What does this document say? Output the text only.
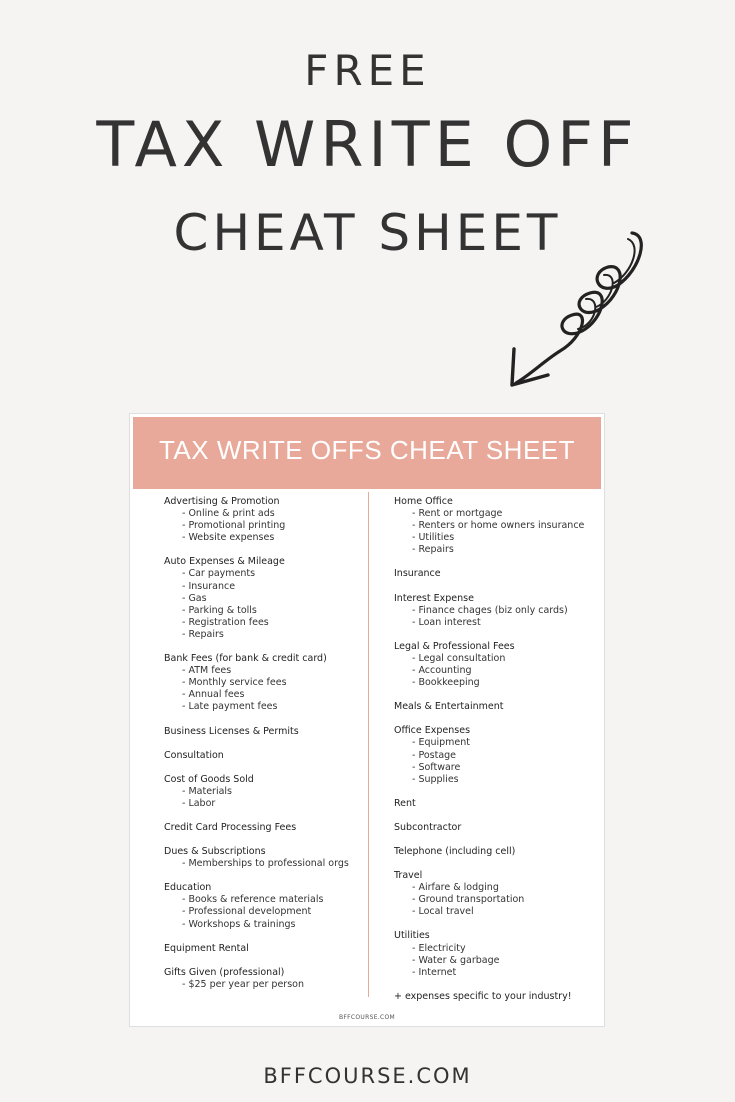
FREE
TAX WRITE OFF
CHEAT SHEET
TAX WRITE OFFS CHEAT SHEET
Advertising & Promotion
- Online & print ads
- Promotional printing
- Website expenses
Auto Expenses & Mileage
- Car payments
- Insurance
- Gas
- Parking & tolls
- Registration fees
- Repairs
Bank Fees (for bank & credit card)
- ATM fees
- Monthly service fees
- Annual fees
- Late payment fees
Business Licenses & Permits
Consultation
Cost of Goods Sold
- Materials
- Labor
Credit Card Processing Fees
Dues & Subscriptions
- Memberships to professional orgs
Education
- Books & reference materials
- Professional development
- Workshops & trainings
Equipment Rental
Gifts Given (professional)
- $25 per year per person
Home Office
- Rent or mortgage
- Renters or home owners insurance
- Utilities
- Repairs
Insurance
Interest Expense
- Finance chages (biz only cards)
- Loan interest
Legal & Professional Fees
- Legal consultation
- Accounting
- Bookkeeping
Meals & Entertainment
Office Expenses
- Equipment
- Postage
- Software
- Supplies
Rent
Subcontractor
Telephone (including cell)
Travel
- Airfare & lodging
- Ground transportation
- Local travel
Utilities
- Electricity
- Water & garbage
- Internet
+ expenses specific to your industry!
BFFCOURSE.COM
BFFCOURSE.COM
